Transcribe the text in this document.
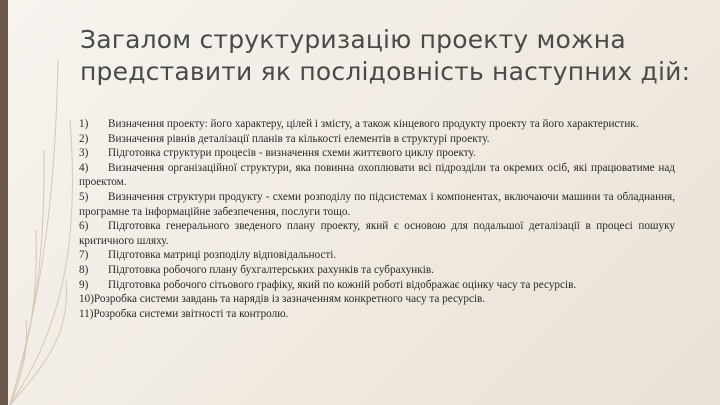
Загалом структуризацію проекту можна
представити як послідовність наступних дій:

1) Визначення проекту: його характеру, цілей і змісту, а також кінцевого продукту проекту та його характеристик.

2) Визначення рівнів деталізації планів та кількості елементів в структурі проекту.

3) Підготовка структури процесів - визначення схеми життєвого циклу проекту.

4) Визначення організаційної структури, яка повинна охоплювати всі підрозділи та окремих осіб, які працюватиме над проектом.

5) Визначення структури продукту - схеми розподілу по підсистемах і компонентах, включаючи машини та обладнання, програмне та інформаційне забезпечення, послуги тощо.

6) Підготовка генерального зведеного плану проекту, який є основою для подальшої деталізації в процесі пошуку критичного шляху.

7) Підготовка матриці розподілу відповідальності.

8) Підготовка робочого плану бухгалтерських рахунків та субрахунків.

9) Підготовка робочого сітьового графіку, який по кожній роботі відображає оцінку часу та ресурсів.

10)Розробка системи завдань та нарядів із зазначенням конкретного часу та ресурсів.

11)Розробка системи звітності та контролю.
